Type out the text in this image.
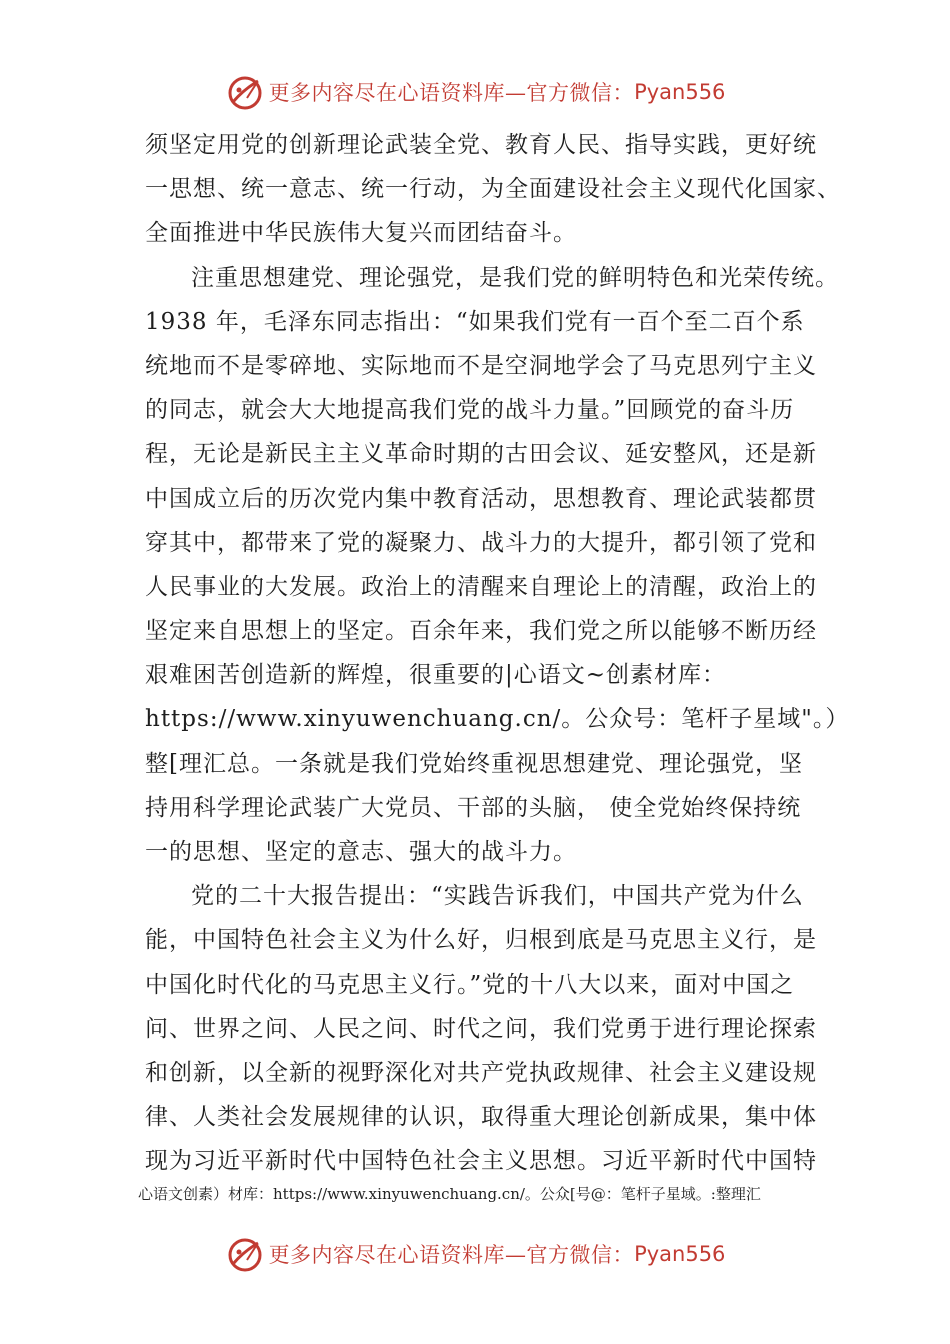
更多内容尽在心语资料库—官方微信： Pyan556
须坚定用党的创新理论武装全党、教育人民、指导实践，更好统
一思想、统一意志、统一行动，为全面建设社会主义现代化国家、
全面推进中华民族伟大复兴而团结奋斗。
注重思想建党、理论强党，是我们党的鲜明特色和光荣传统。
1938 年，毛泽东同志指出：“如果我们党有一百个至二百个系
统地而不是零碎地、实际地而不是空洞地学会了马克思列宁主义
的同志，就会大大地提高我们党的战斗力量。”回顾党的奋斗历
程，无论是新民主主义革命时期的古田会议、延安整风，还是新
中国成立后的历次党内集中教育活动，思想教育、理论武装都贯
穿其中，都带来了党的凝聚力、战斗力的大提升，都引领了党和
人民事业的大发展。政治上的清醒来自理论上的清醒，政治上的
坚定来自思想上的坚定。百余年来，我们党之所以能够不断历经
艰难困苦创造新的辉煌，很重要的|心语文~创素材库：
https://www.xinyuwenchuang.cn/。公众号：笔杆子星域"。）
整[理汇总。一条就是我们党始终重视思想建党、理论强党，坚
持用科学理论武装广大党员、干部的头脑， 使全党始终保持统
一的思想、坚定的意志、强大的战斗力。
党的二十大报告提出：“实践告诉我们，中国共产党为什么
能，中国特色社会主义为什么好，归根到底是马克思主义行，是
中国化时代化的马克思主义行。”党的十八大以来，面对中国之
问、世界之问、人民之问、时代之问，我们党勇于进行理论探索
和创新，以全新的视野深化对共产党执政规律、社会主义建设规
律、人类社会发展规律的认识，取得重大理论创新成果，集中体
现为习近平新时代中国特色社会主义思想。习近平新时代中国特
心语文创素）材库：https://www.xinyuwenchuang.cn/。公众[号@：笔杆子星域。:整理汇
更多内容尽在心语资料库—官方微信： Pyan556
